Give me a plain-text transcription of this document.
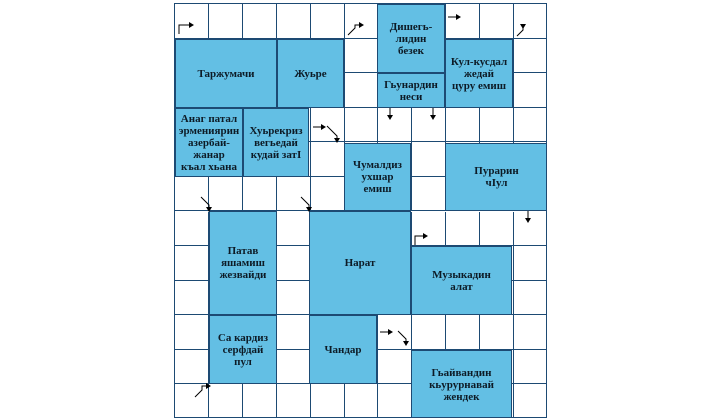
Дишегь-
лидин
безек
Таржумачи	Жуьре
Гьунардин
неси
Кул-кусдал
жедай
цуру емиш
Анаг патал
эрмениярин
азербай-
жанар
къал хьана
Хуьрекриз
вегьедай
кудай затI
Чумалдиз
ухшар
емиш
Пурарин
чIул
Патав
яшамиш
жезвайди
Нарат
Музыкадин
алат
Са кардиз
серфдай
пул
Чандар
Гьайвандин
кьурурнавай
жендек
